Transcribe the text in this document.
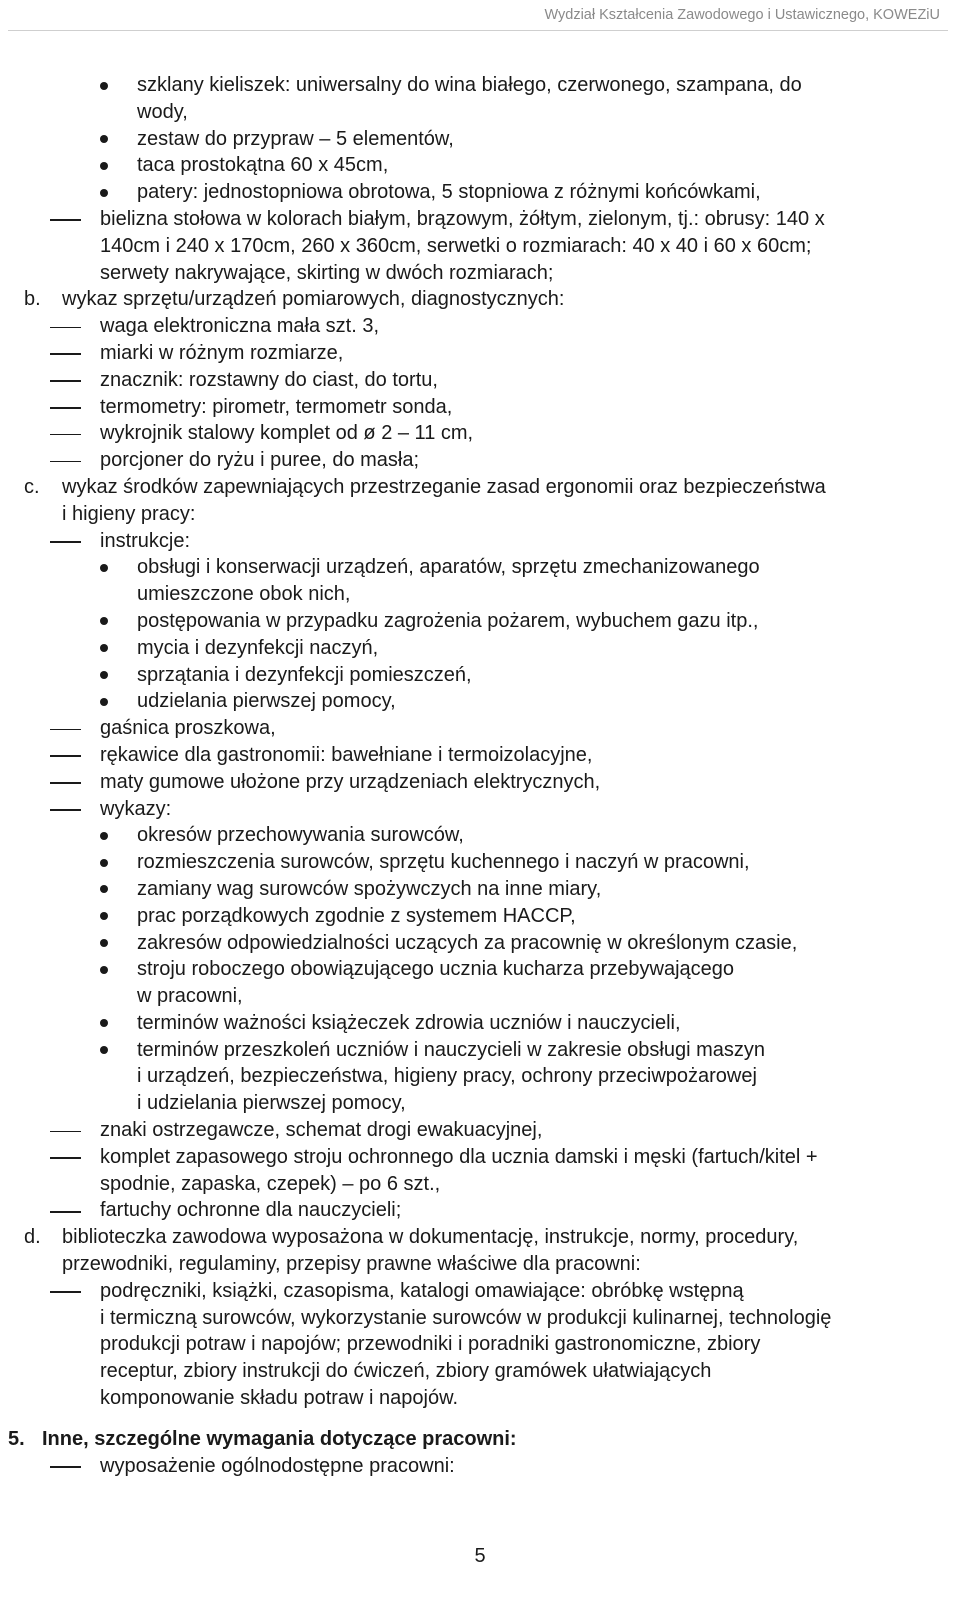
Wydział Kształcenia Zawodowego i Ustawicznego, KOWEZiU
szklany kieliszek: uniwersalny do wina białego, czerwonego, szampana, do
wody,
zestaw do przypraw – 5 elementów,
taca prostokątna 60 x 45cm,
patery: jednostopniowa obrotowa, 5 stopniowa z różnymi końcówkami,
bielizna stołowa w kolorach białym, brązowym, żółtym, zielonym, tj.: obrusy: 140 x
140cm i 240 x 170cm, 260 x 360cm, serwetki o rozmiarach: 40 x 40 i 60 x 60cm;
serwety nakrywające, skirting w dwóch rozmiarach;
b. wykaz sprzętu/urządzeń pomiarowych, diagnostycznych:
waga elektroniczna mała szt. 3,
miarki w różnym rozmiarze,
znacznik: rozstawny do ciast, do tortu,
termometry: pirometr, termometr sonda,
wykrojnik stalowy komplet od ø 2 – 11 cm,
porcjoner do ryżu i puree, do masła;
c. wykaz środków zapewniających przestrzeganie zasad ergonomii oraz bezpieczeństwa
i higieny pracy:
instrukcje:
obsługi i konserwacji urządzeń, aparatów, sprzętu zmechanizowanego
umieszczone obok nich,
postępowania w przypadku zagrożenia pożarem, wybuchem gazu itp.,
mycia i dezynfekcji naczyń,
sprzątania i dezynfekcji pomieszczeń,
udzielania pierwszej pomocy,
gaśnica proszkowa,
rękawice dla gastronomii: bawełniane i termoizolacyjne,
maty gumowe ułożone przy urządzeniach elektrycznych,
wykazy:
okresów przechowywania surowców,
rozmieszczenia surowców, sprzętu kuchennego i naczyń w pracowni,
zamiany wag surowców spożywczych na inne miary,
prac porządkowych zgodnie z systemem HACCP,
zakresów odpowiedzialności uczących za pracownię w określonym czasie,
stroju roboczego obowiązującego ucznia kucharza przebywającego
w pracowni,
terminów ważności książeczek zdrowia uczniów i nauczycieli,
terminów przeszkoleń uczniów i nauczycieli w zakresie obsługi maszyn
i urządzeń, bezpieczeństwa, higieny pracy, ochrony przeciwpożarowej
i udzielania pierwszej pomocy,
znaki ostrzegawcze, schemat drogi ewakuacyjnej,
komplet zapasowego stroju ochronnego dla ucznia damski i męski (fartuch/kitel +
spodnie, zapaska, czepek) – po 6 szt.,
fartuchy ochronne dla nauczycieli;
d. biblioteczka zawodowa wyposażona w dokumentację, instrukcje, normy, procedury,
przewodniki, regulaminy, przepisy prawne właściwe dla pracowni:
podręczniki, książki, czasopisma, katalogi omawiające: obróbkę wstępną
i termiczną surowców, wykorzystanie surowców w produkcji kulinarnej, technologię
produkcji potraw i napojów; przewodniki i poradniki gastronomiczne, zbiory
receptur, zbiory instrukcji do ćwiczeń, zbiory gramówek ułatwiających
komponowanie składu potraw i napojów.
5. Inne, szczególne wymagania dotyczące pracowni:
wyposażenie ogólnodostępne pracowni:
5
